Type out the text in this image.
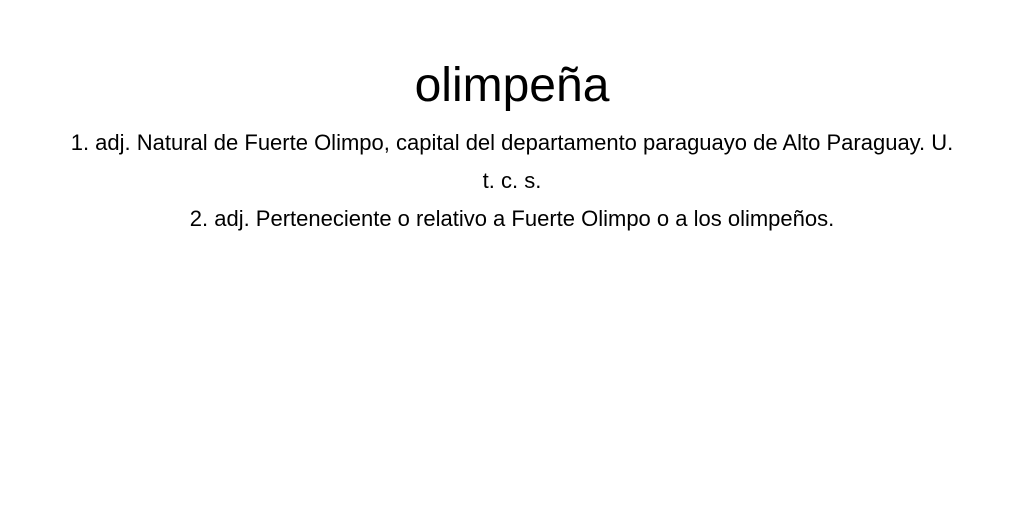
olimpeña
1. adj. Natural de Fuerte Olimpo, capital del departamento paraguayo de Alto Paraguay. U. t. c. s.
2. adj. Perteneciente o relativo a Fuerte Olimpo o a los olimpeños.
